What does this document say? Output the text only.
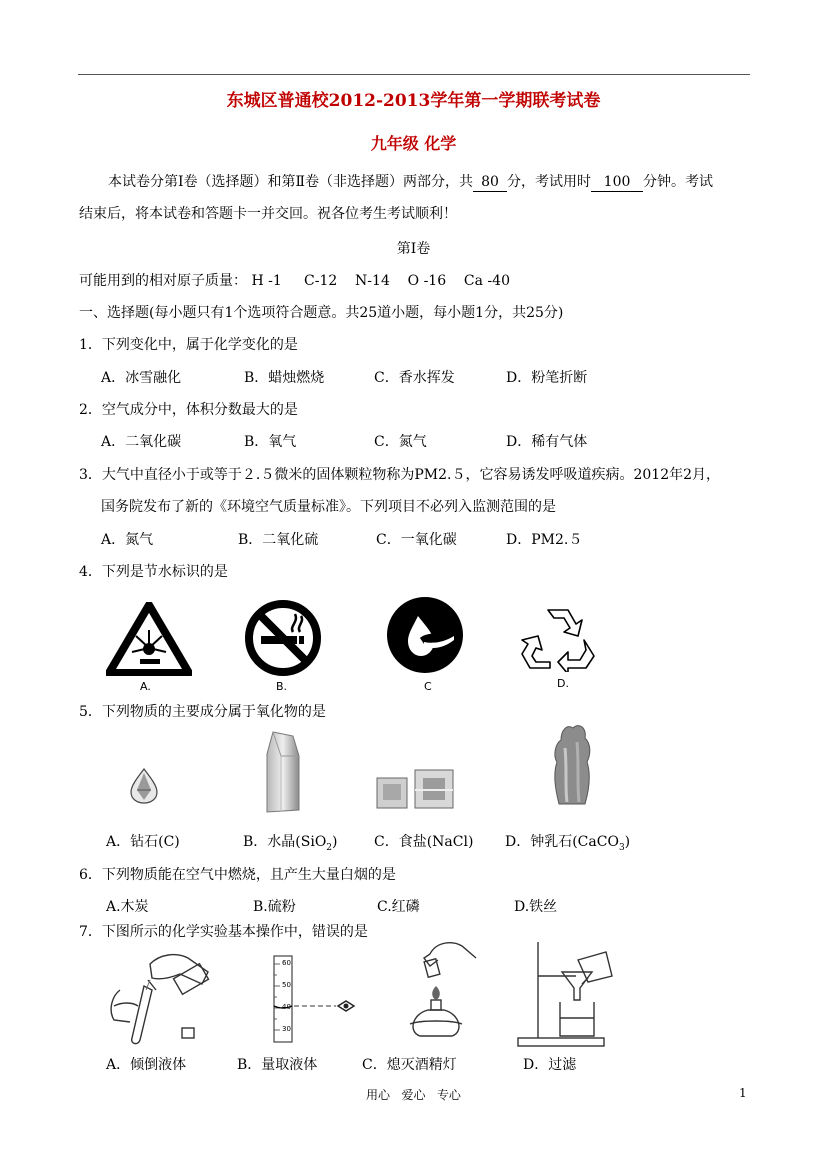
东城区普通校2012-2013学年第一学期联考试卷
九年级 化学
本试卷分第Ⅰ卷（选择题）和第Ⅱ卷（非选择题）两部分，共 80 分，考试用时 100 分钟。考试
结束后，将本试卷和答题卡一并交回。祝各位考生考试顺利！
第Ⅰ卷
可能用到的相对原子质量： H -1     C-12    N-14    O -16    Ca -40
一、选择题(每小题只有1个选项符合题意。共25道小题，每小题1分，共25分)
1．下列变化中，属于化学变化的是
A．冰雪融化	B．蜡烛燃烧	C．香水挥发	D．粉笔折断
2．空气成分中，体积分数最大的是
A．二氧化碳	B．氧气	C．氮气	D．稀有气体
3．大气中直径小于或等于２.５微米的固体颗粒物称为PM2.５，它容易诱发呼吸道疾病。2012年2月，
国务院发布了新的《环境空气质量标准》。下列项目不必列入监测范围的是
A．氮气	B．二氧化硫	C．一氧化碳	D．PM2.５
4．下列是节水标识的是
A.	B.	C	D.
5．下列物质的主要成分属于氧化物的是
A．钻石(C)	B．水晶(SiO$_2$)	C．食盐(NaCl) D．钟乳石(CaCO$_3$)
6．下列物质能在空气中燃烧，且产生大量白烟的是
A.木炭	B.硫粉	C.红磷	D.铁丝
7．下图所示的化学实验基本操作中，错误的是
60
50
40
30
A．倾倒液体	B．量取液体	C．熄灭酒精灯	D．过滤
用心   爱心   专心	1
